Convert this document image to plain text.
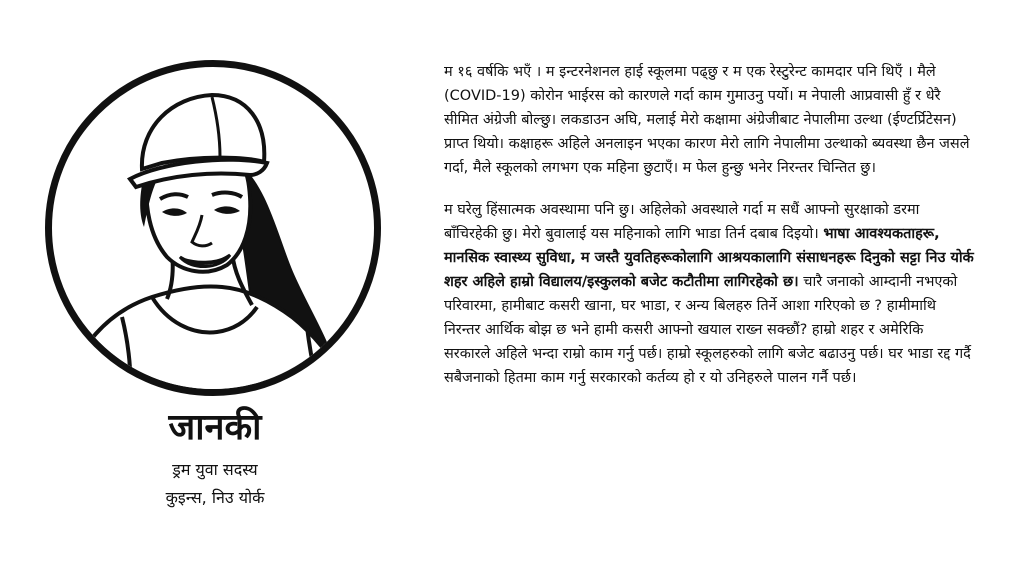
जानकी
ड्रम युवा सदस्य
कुइन्स, निउ योर्क

म १६ वर्षकि भएँ । म इन्टरनेशनल हाई स्कूलमा पढ्छु र म एक रेस्टुरेन्ट कामदार पनि थिएँ । मैले (COVID-19) कोरोन भाईरस को कारणले गर्दा काम गुमाउनु पर्यो। म नेपाली आप्रवासी हुँ र धेरै सीमित अंग्रेजी बोल्छु। लकडाउन अघि, मलाई मेरो कक्षामा अंग्रेजीबाट नेपालीमा उल्था (ईण्टर्प्रिटेसन) प्राप्त थियो। कक्षाहरू अहिले अनलाइन भएका कारण मेरो लागि नेपालीमा उल्थाको ब्यवस्था छैन जसले गर्दा, मैले स्कूलको लगभग एक महिना छुटाएँ। म फेल हुन्छु भनेर निरन्तर चिन्तित छु।

म घरेलु हिंसात्मक अवस्थामा पनि छु। अहिलेको अवस्थाले गर्दा म सधैं आफ्नो सुरक्षाको डरमा बाँचिरहेकी छु। मेरो बुवालाई यस महिनाको लागि भाडा तिर्न दबाब दिइयो। भाषा आवश्यकताहरू, मानसिक स्वास्थ्य सुविधा, म जस्तै युवतिहरूकोलागि आश्रयकालागि संसाधनहरू दिनुको सट्टा निउ योर्क शहर अहिले हाम्रो विद्यालय/इस्कुलको बजेट कटौतीमा लागिरहेको छ। चारै जनाको आम्दानी नभएको परिवारमा, हामीबाट कसरी खाना, घर भाडा, र अन्य बिलहरु तिर्ने आशा गरिएको छ ? हामीमाथि निरन्तर आर्थिक बोझ छ भने हामी कसरी आफ्नो खयाल राख्न सक्छौं? हाम्रो शहर र अमेरिकि सरकारले अहिले भन्दा राम्रो काम गर्नु पर्छ। हाम्रो स्कूलहरुको लागि बजेट बढाउनु पर्छ। घर भाडा रद्द गर्दै सबैजनाको हितमा काम गर्नु सरकारको कर्तव्य हो र यो उनिहरुले पालन गर्नै पर्छ।
